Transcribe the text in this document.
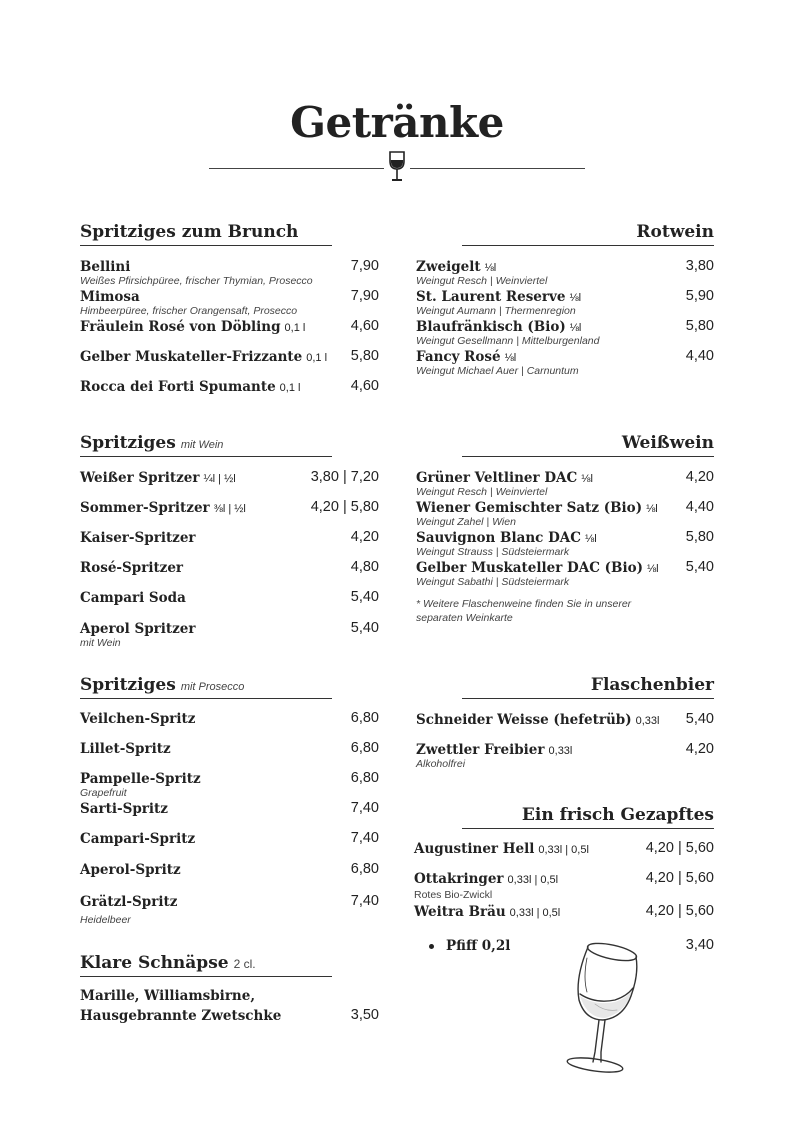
Getränke
Spritziges zum Brunch
Bellini
Weißes Pfirsichpüree, frischer Thymian, Prosecco
7,90
Mimosa
Himbeerpüree, frischer Orangensaft, Prosecco
7,90
Fräulein Rosé von Döbling 0,1 l	4,60
Gelber Muskateller-Frizzante 0,1 l 5,80
Rocca dei Forti Spumante 0,1 l	4,60
Rotwein
Zweigelt ⅛l
Weingut Resch | Weinviertel
3,80
St. Laurent Reserve ⅛l
Weingut Aumann | Thermenregion
5,90
Blaufränkisch (Bio) ⅛l
Weingut Gesellmann | Mittelburgenland
5,80
Fancy Rosé ⅛l
Weingut Michael Auer | Carnuntum
4,40
Spritziges mit Wein
Weißer Spritzer ¼l | ½l	3,80 | 7,20
Sommer-Spritzer ⅜l | ½l	4,20 | 5,80
Kaiser-Spritzer	4,20
Rosé-Spritzer	4,80
Campari Soda	5,40
Aperol Spritzer
mit Wein
5,40
Weißwein
Grüner Veltliner DAC ⅛l
Weingut Resch | Weinviertel
4,20
Wiener Gemischter Satz (Bio) ⅛l
Weingut Zahel | Wien
4,40
Sauvignon Blanc DAC ⅛l
Weingut Strauss | Südsteiermark
5,80
Gelber Muskateller DAC (Bio) ⅛l
Weingut Sabathi | Südsteiermark
5,40
* Weitere Flaschenweine finden Sie in unserer
separaten Weinkarte
Spritziges mit Prosecco
Veilchen-Spritz	6,80
Lillet-Spritz	6,80
Pampelle-Spritz
Grapefruit
6,80
Sarti-Spritz	7,40
Campari-Spritz	7,40
Aperol-Spritz	6,80
Grätzl-Spritz
Heidelbeer
7,40
Flaschenbier
Schneider Weisse (hefetrüb) 0,33l 5,40
Zwettler Freibier 0,33l
Alkoholfrei
4,20
Ein frisch Gezapftes
Augustiner Hell 0,33l | 0,5l	4,20 | 5,60
Ottakringer 0,33l | 0,5l
Rotes Bio-Zwickl
4,20 | 5,60
Weitra Bräu 0,33l | 0,5l	4,20 | 5,60
Pfiff 0,2l	3,40
Klare Schnäpse 2 cl.
Marille, Williamsbirne,
Hausgebrannte Zwetschke	3,50
